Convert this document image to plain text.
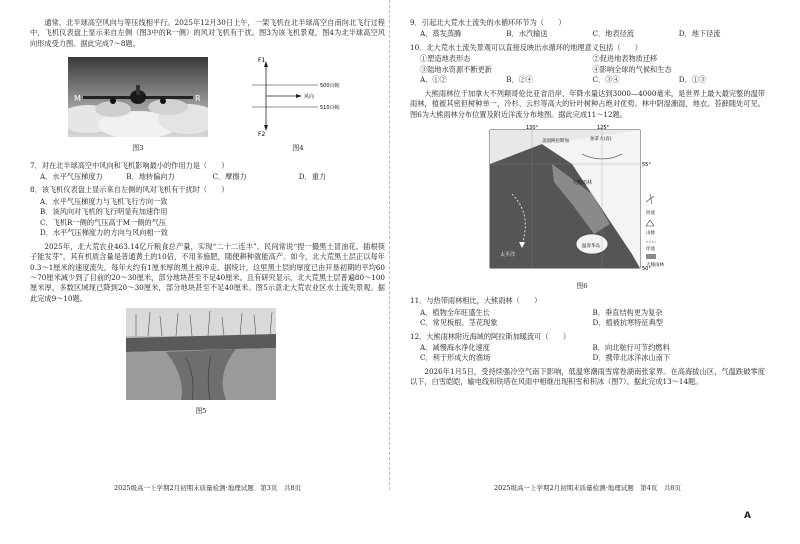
通常，北半球高空风向与等压线相平行。2025年12月30日上午，一架飞机在北半球高空自南向北飞行过程中，飞机仪表盘上显示来自左侧（图3中的R一侧）的风对飞机有干扰。图3为该飞机景观，图4为北半球高空风向形成受力图。据此完成7～8题。

M	R
图3
F1
F2
500百帕
510百帕
风向
图4

7．对在北半球高空中风向和飞机影响最小的作用力是（　　）

A．水平气压梯度力	B．地转偏向力	C．摩擦力	D．重力

8．该飞机仪表盘上显示来自左侧的风对飞机有干扰时（　　）

A．水平气压梯度力与飞机飞行方向一致
B．该风向对飞机的飞行明显有加速作用
C．飞机R一侧的气压高于M一侧的气压
D．水平气压梯度力的方向与风向相一致

2025年，北大荒农业463.14亿斤粮食总产量，实现“二十二连丰”。民间常说“捏一撮黑土冒油花，插根筷子能发芽”，其有机质含量是普通黄土的10倍，不用多施肥，随便耕种就能高产。如今，北大荒黑土层正以每年0.3～1厘米的速度流失，每年大约有1厘米厚的黑土被冲走。据统计，这里黑土层的厚度已由开垦初期的平均60～70厘米减少到了目前的20～30厘米，部分地块甚至不足40厘米。且有研究显示，北大荒黑土层普遍80～100厘米厚，多数区域现已降到20～30厘米，部分地块甚至不足40厘米。图5示意北大荒农业区水土流失景观。据此完成9～10题。

图5
2025级高一上学期2月初期末质量检测·地理试题　第3页　共8页

9．引起北大荒水土流失的水循环环节为（　　）

A．蒸发蒸腾	B．水汽输送	C．地表径流	D．地下径流

10．北大荒水土流失景观可以直接反映出水循环的地理意义包括（　　）

①塑造地表形态	②促进地表物质迁移
③陆地水资源不断更新	④影响全球的气候和生态
A．①②	B．②④	C．③④	D．①③

大熊雨林位于加拿大不列颠哥伦比亚省沿岸，年降水量达到3000—4000毫米，是世界上最大最完整的温带雨林，植被其密但树种单一，冷杉、云杉等高大的针叶树种占绝对优势。林中阴湿潮湿，地衣、苔藓随处可见。图6为大熊雨林分布位置及附近洋流分布地图。据此完成11～12题。

130°	125°
55°
50°
美国阿拉斯加	加拿大(省)
太平洋
大熊雨林
温哥华岛
河流
山脉
洋流
大熊雨林
图6

11．与热带雨林相比，大熊雨林（　　）

A．植物全年旺盛生长	B．垂直结构更为复杂
C．常见板根、茎花现象	D．植被抗寒特征典型

12．大熊雨林附近海域的阿拉斯加暖流可（　　）

A．减慢海水净化速度	B．向北航行可节约燃料
C．利于形成大的渔场	D．携带北冰洋冰山南下

2026年1月5日，受持续强冷空气南下影响，低温寒潮雨雪席卷湖南张家界。在高海拔山区，气温跌破零度以下，白雪皑皑，输电线和铁塔在风雨中相继出现积雪和积冰（图7）。据此完成13～14题。

2025级高一上学期2月初期末质量检测·地理试题　第4页　共8页
A
